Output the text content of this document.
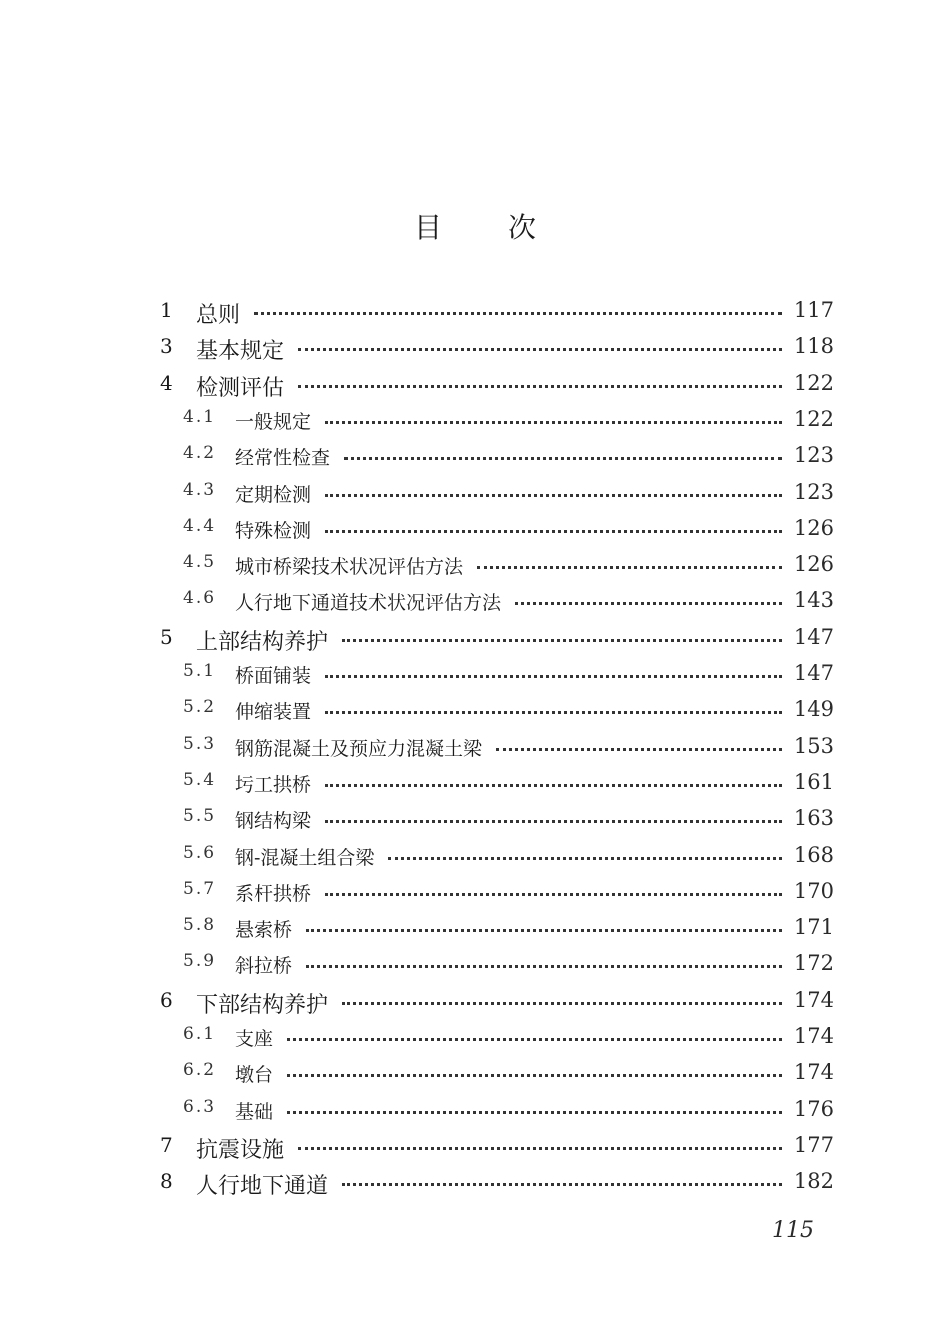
目次
1 总则	117
3 基本规定	118
4 检测评估	122
4.1 一般规定	122
4.2 经常性检查	123
4.3 定期检测	123
4.4 特殊检测	126
4.5 城市桥梁技术状况评估方法	126
4.6 人行地下通道技术状况评估方法	143
5 上部结构养护	147
5.1 桥面铺装	147
5.2 伸缩装置	149
5.3 钢筋混凝土及预应力混凝土梁	153
5.4 圬工拱桥	161
5.5 钢结构梁	163
5.6 钢-混凝土组合梁	168
5.7 系杆拱桥	170
5.8 悬索桥	171
5.9 斜拉桥	172
6 下部结构养护	174
6.1 支座	174
6.2 墩台	174
6.3 基础	176
7 抗震设施	177
8 人行地下通道	182
115
